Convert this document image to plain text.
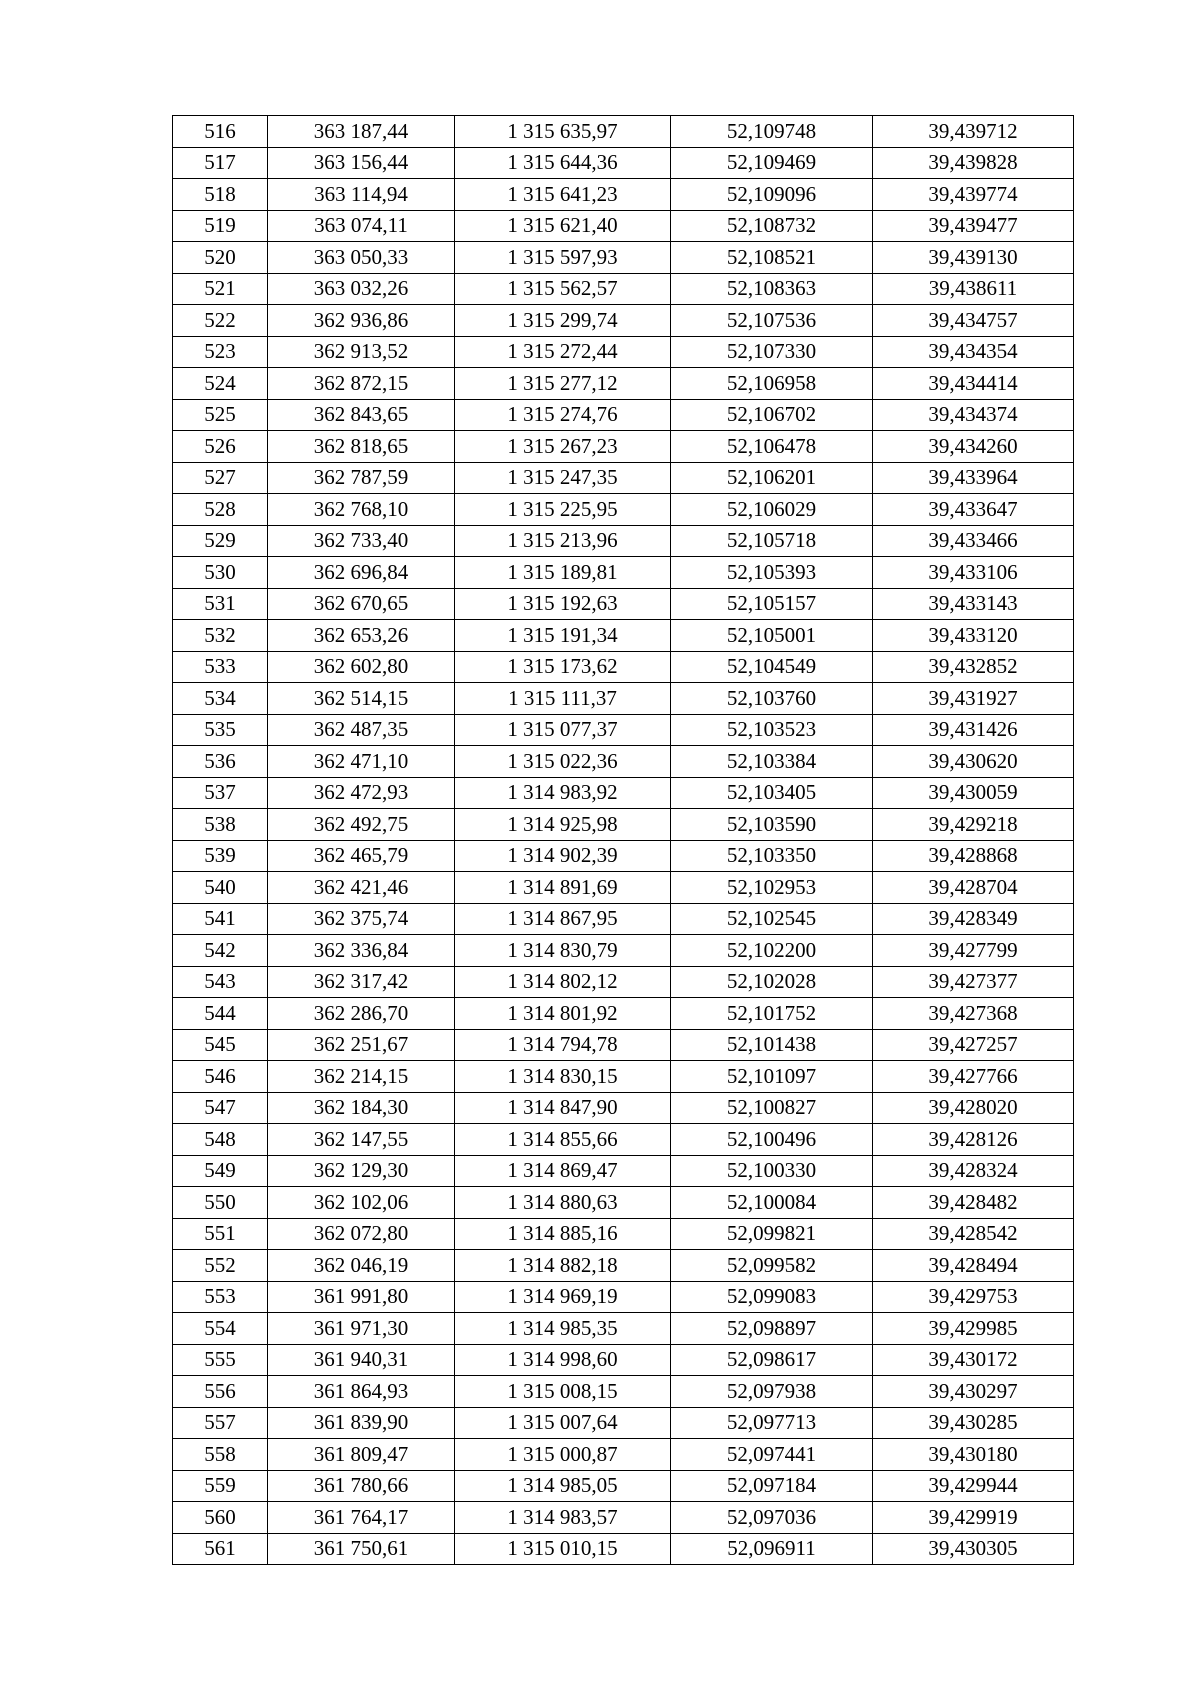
516	363 187,44	1 315 635,97	52,109748	39,439712
517	363 156,44	1 315 644,36	52,109469	39,439828
518	363 114,94	1 315 641,23	52,109096	39,439774
519	363 074,11	1 315 621,40	52,108732	39,439477
520	363 050,33	1 315 597,93	52,108521	39,439130
521	363 032,26	1 315 562,57	52,108363	39,438611
522	362 936,86	1 315 299,74	52,107536	39,434757
523	362 913,52	1 315 272,44	52,107330	39,434354
524	362 872,15	1 315 277,12	52,106958	39,434414
525	362 843,65	1 315 274,76	52,106702	39,434374
526	362 818,65	1 315 267,23	52,106478	39,434260
527	362 787,59	1 315 247,35	52,106201	39,433964
528	362 768,10	1 315 225,95	52,106029	39,433647
529	362 733,40	1 315 213,96	52,105718	39,433466
530	362 696,84	1 315 189,81	52,105393	39,433106
531	362 670,65	1 315 192,63	52,105157	39,433143
532	362 653,26	1 315 191,34	52,105001	39,433120
533	362 602,80	1 315 173,62	52,104549	39,432852
534	362 514,15	1 315 111,37	52,103760	39,431927
535	362 487,35	1 315 077,37	52,103523	39,431426
536	362 471,10	1 315 022,36	52,103384	39,430620
537	362 472,93	1 314 983,92	52,103405	39,430059
538	362 492,75	1 314 925,98	52,103590	39,429218
539	362 465,79	1 314 902,39	52,103350	39,428868
540	362 421,46	1 314 891,69	52,102953	39,428704
541	362 375,74	1 314 867,95	52,102545	39,428349
542	362 336,84	1 314 830,79	52,102200	39,427799
543	362 317,42	1 314 802,12	52,102028	39,427377
544	362 286,70	1 314 801,92	52,101752	39,427368
545	362 251,67	1 314 794,78	52,101438	39,427257
546	362 214,15	1 314 830,15	52,101097	39,427766
547	362 184,30	1 314 847,90	52,100827	39,428020
548	362 147,55	1 314 855,66	52,100496	39,428126
549	362 129,30	1 314 869,47	52,100330	39,428324
550	362 102,06	1 314 880,63	52,100084	39,428482
551	362 072,80	1 314 885,16	52,099821	39,428542
552	362 046,19	1 314 882,18	52,099582	39,428494
553	361 991,80	1 314 969,19	52,099083	39,429753
554	361 971,30	1 314 985,35	52,098897	39,429985
555	361 940,31	1 314 998,60	52,098617	39,430172
556	361 864,93	1 315 008,15	52,097938	39,430297
557	361 839,90	1 315 007,64	52,097713	39,430285
558	361 809,47	1 315 000,87	52,097441	39,430180
559	361 780,66	1 314 985,05	52,097184	39,429944
560	361 764,17	1 314 983,57	52,097036	39,429919
561	361 750,61	1 315 010,15	52,096911	39,430305
